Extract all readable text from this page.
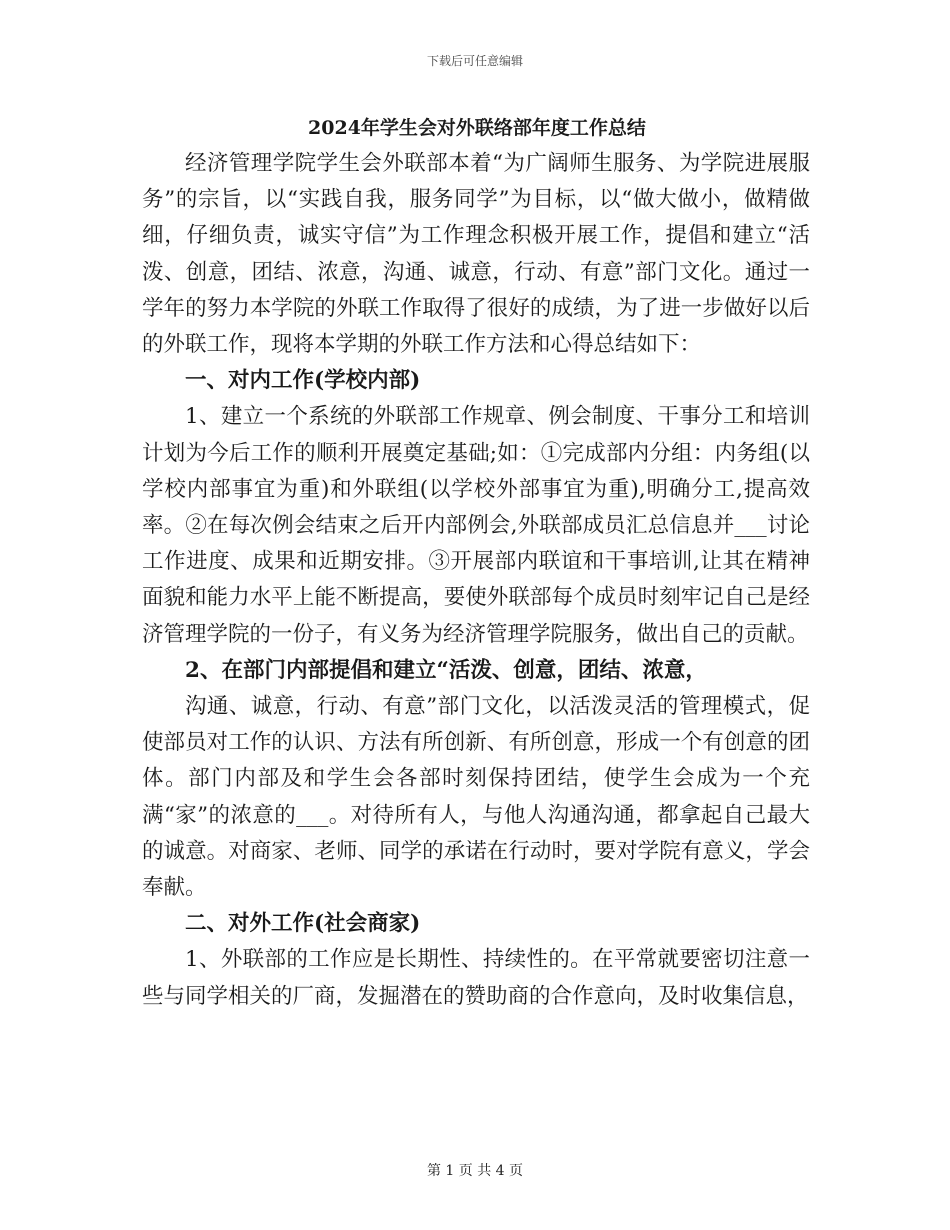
下载后可任意编辑
2024年学生会对外联络部年度工作总结

经济管理学院学生会外联部本着“为广阔师生服务、为学院进展服务”的宗旨，以“实践自我，服务同学”为目标，以“做大做小，做精做细，仔细负责，诚实守信”为工作理念积极开展工作，提倡和建立“活泼、创意，团结、浓意，沟通、诚意，行动、有意”部门文化。通过一学年的努力本学院的外联工作取得了很好的成绩，为了进一步做好以后的外联工作，现将本学期的外联工作方法和心得总结如下：

一、对内工作(学校内部)

1、建立一个系统的外联部工作规章、例会制度、干事分工和培训计划为今后工作的顺利开展奠定基础;如：①完成部内分组：内务组(以学校内部事宜为重)和外联组(以学校外部事宜为重),明确分工,提高效率。②在每次例会结束之后开内部例会,外联部成员汇总信息并___讨论工作进度、成果和近期安排。③开展部内联谊和干事培训,让其在精神面貌和能力水平上能不断提高，要使外联部每个成员时刻牢记自己是经济管理学院的一份子，有义务为经济管理学院服务，做出自己的贡献。

2、在部门内部提倡和建立“活泼、创意，团结、浓意，

沟通、诚意，行动、有意”部门文化，以活泼灵活的管理模式，促使部员对工作的认识、方法有所创新、有所创意，形成一个有创意的团体。部门内部及和学生会各部时刻保持团结，使学生会成为一个充满“家”的浓意的___。对待所有人，与他人沟通沟通，都拿起自己最大的诚意。对商家、老师、同学的承诺在行动时，要对学院有意义，学会奉献。

二、对外工作(社会商家)

1、外联部的工作应是长期性、持续性的。在平常就要密切注意一些与同学相关的厂商，发掘潜在的赞助商的合作意向，及时收集信息，

第 1 页 共 4 页
